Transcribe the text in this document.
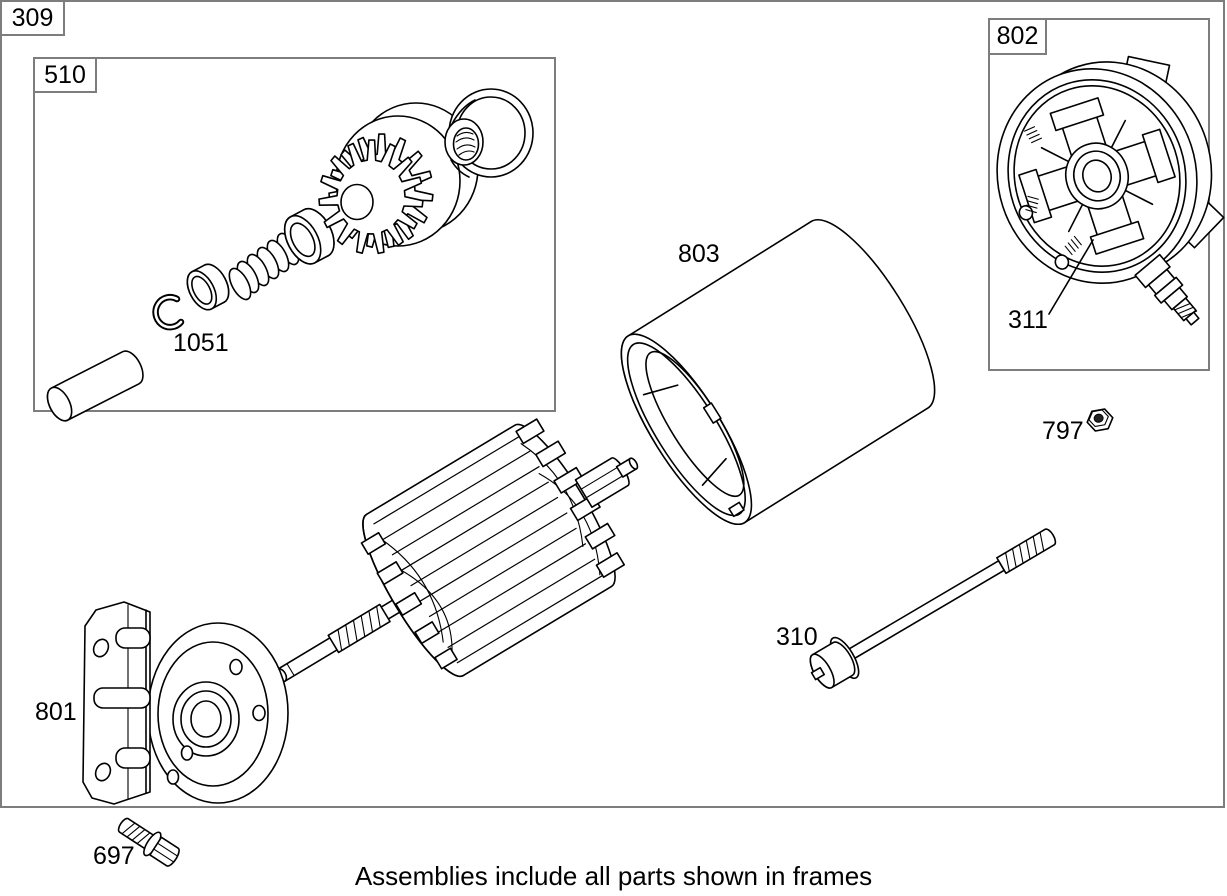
309
510
802
1051
803
311
797
310
801
697
Assemblies include all parts shown in frames
